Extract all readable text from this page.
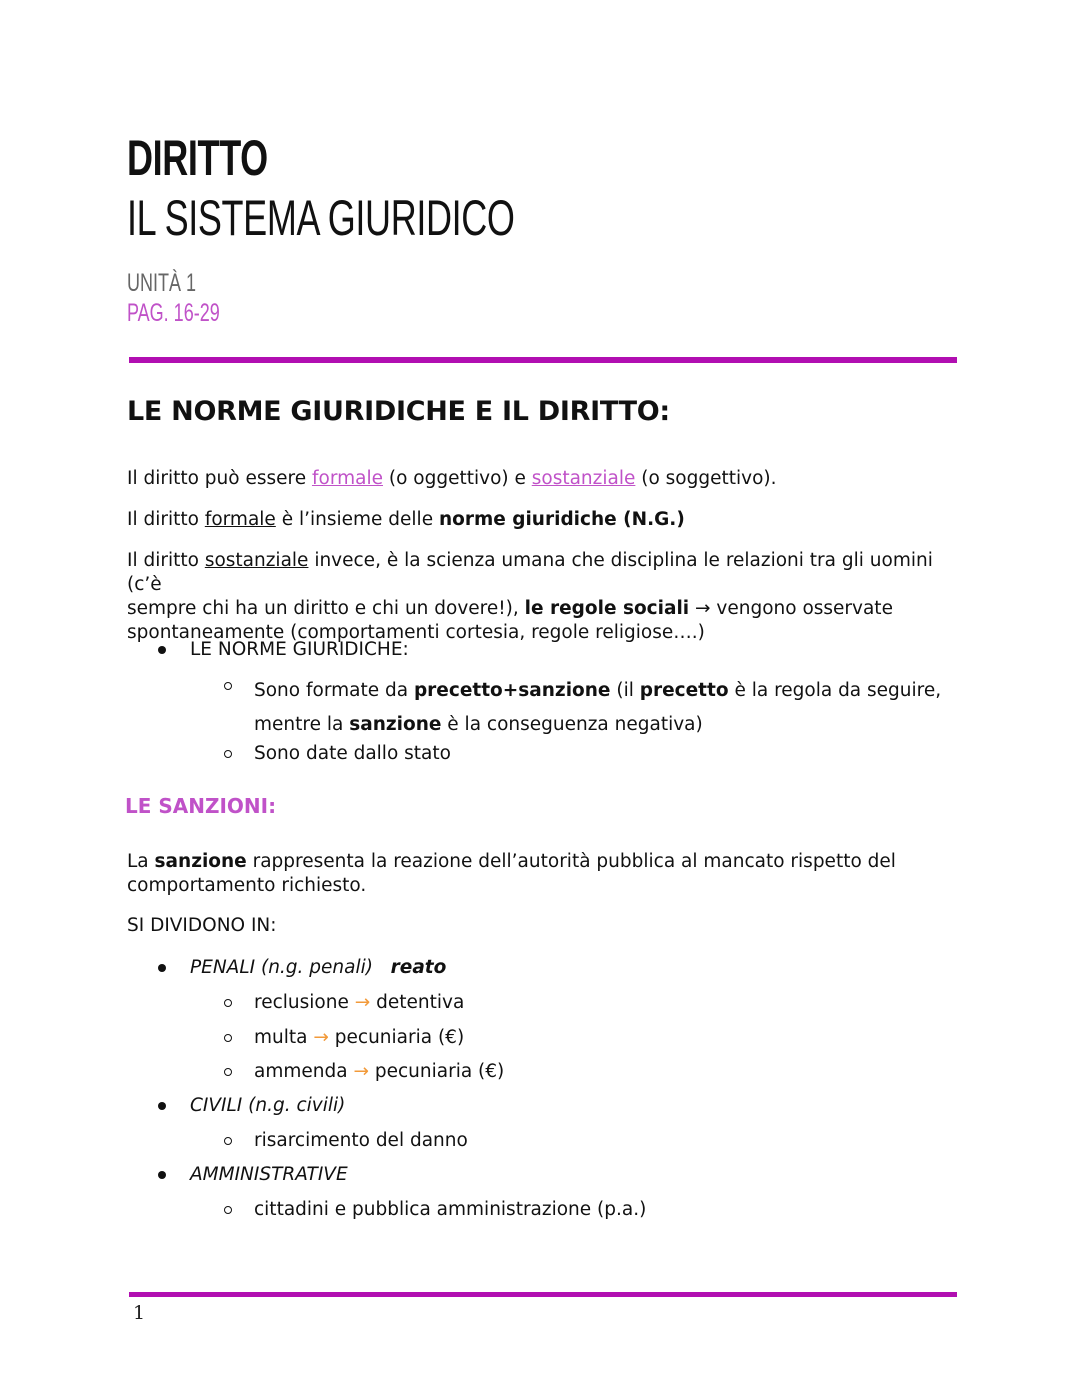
DIRITTO
IL SISTEMA GIURIDICO
UNITÀ 1
PAG. 16-29
LE NORME GIURIDICHE E IL DIRITTO:
Il diritto può essere formale (o oggettivo) e sostanziale (o soggettivo).
Il diritto formale è l’insieme delle norme giuridiche (N.G.)
Il diritto sostanziale invece, è la scienza umana che disciplina le relazioni tra gli uomini (c’è
sempre chi ha un diritto e chi un dovere!), le regole sociali → vengono osservate
spontaneamente (comportamenti cortesia, regole religiose….)
LE NORME GIURIDICHE:
Sono formate da precetto+sanzione (il precetto è la regola da seguire,
mentre la sanzione è la conseguenza negativa)
Sono date dallo stato
LE SANZIONI:
La sanzione rappresenta la reazione dell’autorità pubblica al mancato rispetto del
comportamento richiesto.
SI DIVIDONO IN:
PENALI (n.g. penali) reato
reclusione → detentiva
multa → pecuniaria (€)
ammenda → pecuniaria (€)
CIVILI (n.g. civili)
risarcimento del danno
AMMINISTRATIVE
cittadini e pubblica amministrazione (p.a.)
1
